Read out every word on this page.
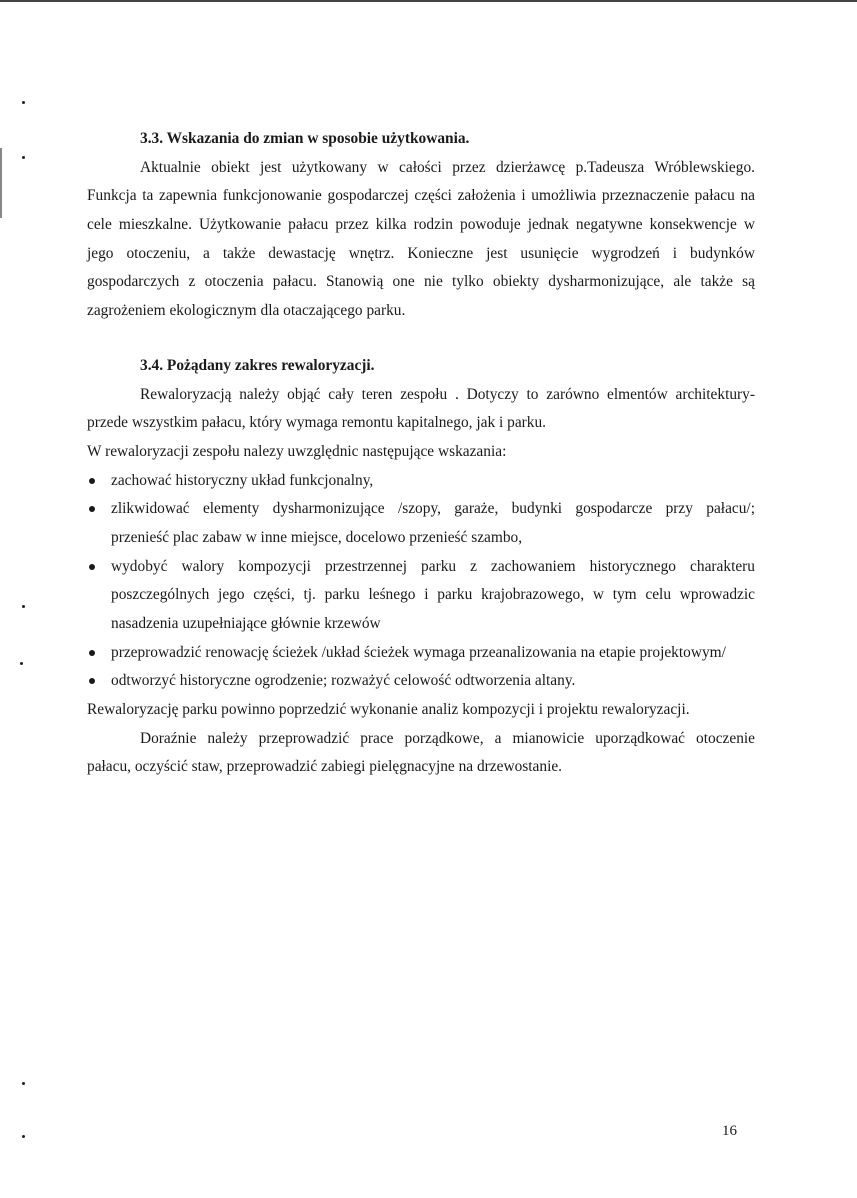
3.3. Wskazania do zmian w sposobie użytkowania.
Aktualnie obiekt jest użytkowany w całości przez dzierżawcę p.Tadeusza Wróblewskiego.
Funkcja ta zapewnia funkcjonowanie gospodarczej części założenia i umożliwia przeznaczenie pałacu na
cele mieszkalne. Użytkowanie pałacu przez kilka rodzin powoduje jednak negatywne konsekwencje w
jego otoczeniu, a także dewastację wnętrz. Konieczne jest usunięcie wygrodzeń i budynków
gospodarczych z otoczenia pałacu. Stanowią one nie tylko obiekty dysharmonizujące, ale także są
zagrożeniem ekologicznym dla otaczającego parku.
3.4. Pożądany zakres rewaloryzacji.
Rewaloryzacją należy objąć cały teren zespołu . Dotyczy to zarówno elmentów architektury-
przede wszystkim pałacu, który wymaga remontu kapitalnego, jak i parku.
W rewaloryzacji zespołu nalezy uwzględnic następujące wskazania:
zachować historyczny układ funkcjonalny,
zlikwidować elementy dysharmonizujące /szopy, garaże, budynki gospodarcze przy pałacu/;
przenieść plac zabaw w inne miejsce, docelowo przenieść szambo,
wydobyć walory kompozycji przestrzennej parku z zachowaniem historycznego charakteru
poszczególnych jego części, tj. parku leśnego i parku krajobrazowego, w tym celu wprowadzic
nasadzenia uzupełniające głównie krzewów
przeprowadzić renowację ścieżek /układ ścieżek wymaga przeanalizowania na etapie projektowym/
odtworzyć historyczne ogrodzenie; rozważyć celowość odtworzenia altany.
Rewaloryzację parku powinno poprzedzić wykonanie analiz kompozycji i projektu rewaloryzacji.
Doraźnie należy przeprowadzić prace porządkowe, a mianowicie uporządkować otoczenie
pałacu, oczyścić staw, przeprowadzić zabiegi pielęgnacyjne na drzewostanie.
16
